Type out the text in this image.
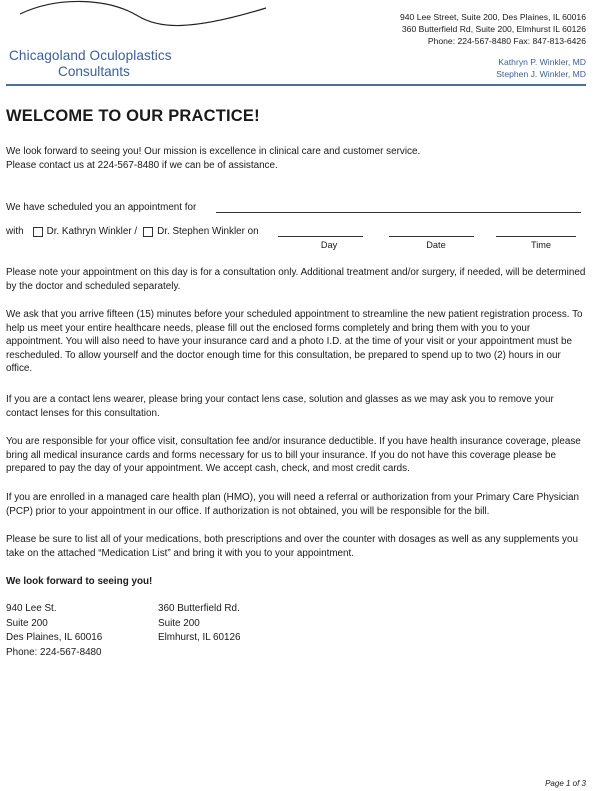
Chicagoland Oculoplastics
Consultants
940 Lee Street, Suite 200, Des Plaines, IL 60016
360 Butterfield Rd, Suite 200, Elmhurst IL 60126
Phone: 224-567-8480 Fax: 847-813-6426
Kathryn P. Winkler, MD
Stephen J. Winkler, MD
WELCOME TO OUR PRACTICE!
We look forward to seeing you! Our mission is excellence in clinical care and customer service.
Please contact us at 224-567-8480 if we can be of assistance.
We have scheduled you an appointment for
with Dr. Kathryn Winkler / Dr. Stephen Winkler on
Day	Date	Time
Please note your appointment on this day is for a consultation only. Additional treatment and/or surgery, if needed, will be determined by the doctor and scheduled separately.
We ask that you arrive fifteen (15) minutes before your scheduled appointment to streamline the new patient registration process. To help us meet your entire healthcare needs, please fill out the enclosed forms completely and bring them with you to your appointment. You will also need to have your insurance card and a photo I.D. at the time of your visit or your appointment must be rescheduled. To allow yourself and the doctor enough time for this consultation, be prepared to spend up to two (2) hours in our office.
If you are a contact lens wearer, please bring your contact lens case, solution and glasses as we may ask you to remove your contact lenses for this consultation.
You are responsible for your office visit, consultation fee and/or insurance deductible. If you have health insurance coverage, please bring all medical insurance cards and forms necessary for us to bill your insurance. If you do not have this coverage please be prepared to pay the day of your appointment. We accept cash, check, and most credit cards.
If you are enrolled in a managed care health plan (HMO), you will need a referral or authorization from your Primary Care Physician (PCP) prior to your appointment in our office. If authorization is not obtained, you will be responsible for the bill.
Please be sure to list all of your medications, both prescriptions and over the counter with dosages as well as any supplements you take on the attached “Medication List” and bring it with you to your appointment.
We look forward to seeing you!
940 Lee St.
Suite 200
Des Plaines, IL 60016
Phone: 224-567-8480
360 Butterfield Rd.
Suite 200
Elmhurst, IL 60126
Page 1 of 3
